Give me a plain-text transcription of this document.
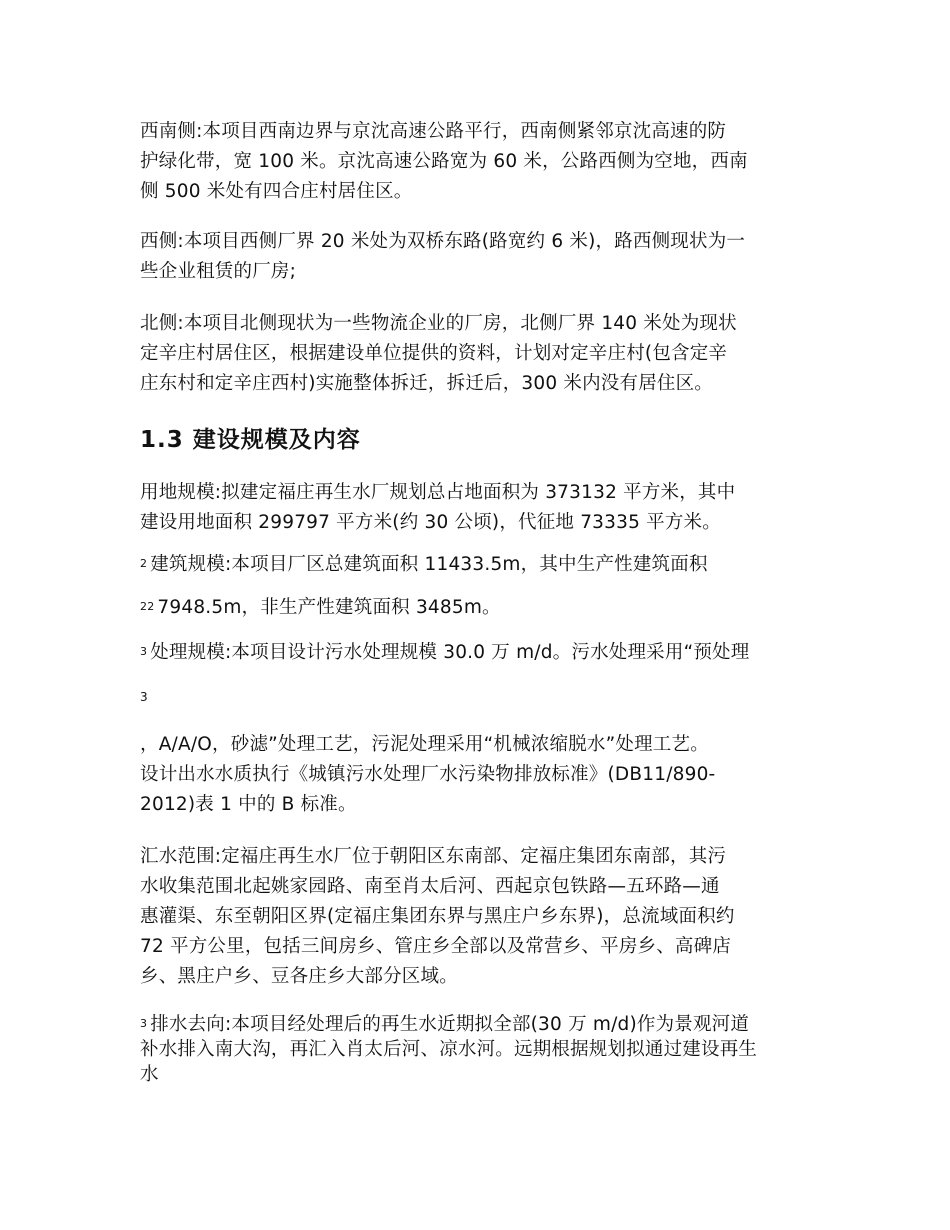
西南侧:本项目西南边界与京沈高速公路平行，西南侧紧邻京沈高速的防
护绿化带，宽 100 米。京沈高速公路宽为 60 米，公路西侧为空地，西南
侧 500 米处有四合庄村居住区。
西侧:本项目西侧厂界 20 米处为双桥东路(路宽约 6 米)，路西侧现状为一
些企业租赁的厂房;
北侧:本项目北侧现状为一些物流企业的厂房，北侧厂界 140 米处为现状
定辛庄村居住区，根据建设单位提供的资料，计划对定辛庄村(包含定辛
庄东村和定辛庄西村)实施整体拆迁，拆迁后，300 米内没有居住区。
1.3 建设规模及内容
用地规模:拟建定福庄再生水厂规划总占地面积为 373132 平方米，其中
建设用地面积 299797 平方米(约 30 公顷)，代征地 73335 平方米。
$^2$ 建筑规模:本项目厂区总建筑面积 11433.5m，其中生产性建筑面积
$^{22}$ 7948.5m，非生产性建筑面积 3485m。
$^3$ 处理规模:本项目设计污水处理规模 30.0 万 m/d。污水处理采用“预处理
3
，A/A/O，砂滤”处理工艺，污泥处理采用“机械浓缩脱水”处理工艺。
设计出水水质执行《城镇污水处理厂水污染物排放标准》(DB11/890-
2012)表 1 中的 B 标准。
汇水范围:定福庄再生水厂位于朝阳区东南部、定福庄集团东南部，其污
水收集范围北起姚家园路、南至肖太后河、西起京包铁路—五环路—通
惠灌渠、东至朝阳区界(定福庄集团东界与黑庄户乡东界)，总流域面积约
72 平方公里，包括三间房乡、管庄乡全部以及常营乡、平房乡、高碑店
乡、黑庄户乡、豆各庄乡大部分区域。
$^3$ 排水去向:本项目经处理后的再生水近期拟全部(30 万 m/d)作为景观河道
补水排入南大沟，再汇入肖太后河、凉水河。远期根据规划拟通过建设再生
水
